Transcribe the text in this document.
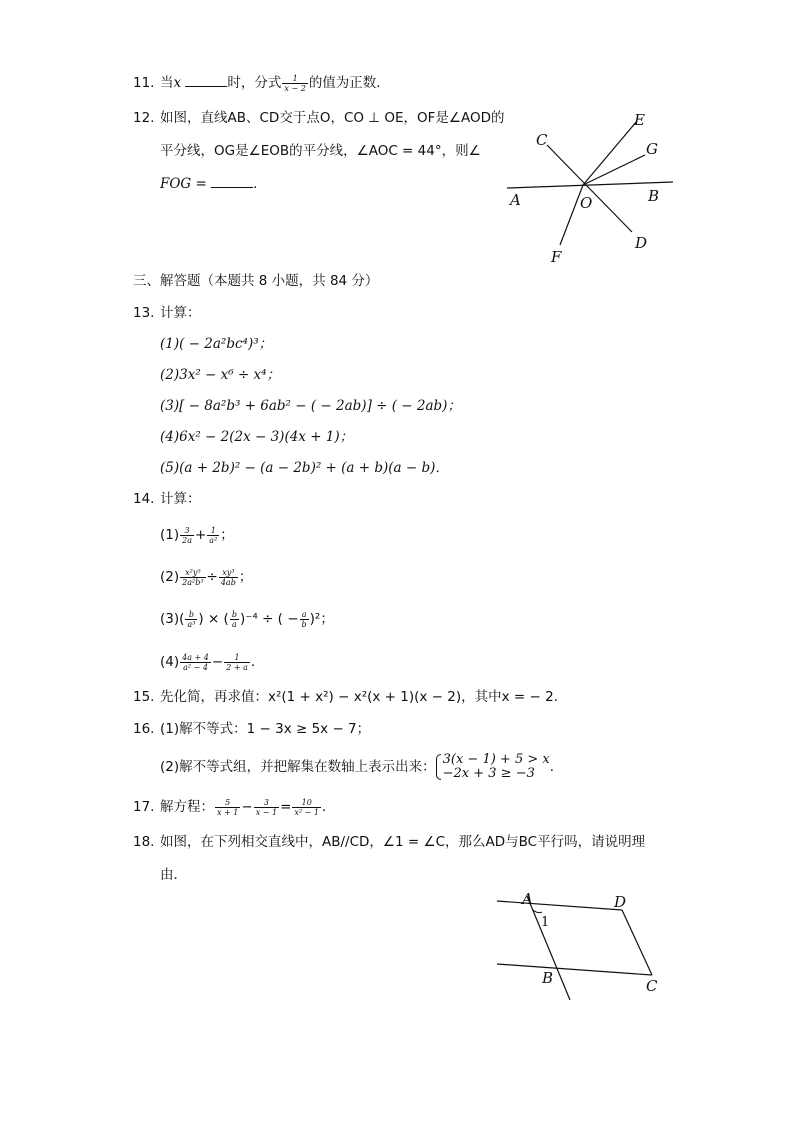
11. 当x	时，分式 $\frac{1}{x - 2}$ 的值为正数．
12. 如图，直线AB、CD交于点O，CO ⊥ OE，OF是∠AOD的
平分线，OG是∠EOB的平分线，∠AOC = 44°，则∠
FOG =	．
A	B
C
D
E
F
G
O
三、解答题（本题共 8 小题，共 84 分）
13. 计算：
(1)( − 2a²bc⁴)³；
(2)3x² − x⁶ ÷ x⁴；
(3)[ − 8a²b³ + 6ab² − ( − 2ab)] ÷ ( − 2ab)；
(4)6x² − 2(2x − 3)(4x + 1)；
(5)(a + 2b)² − (a − 2b)² + (a + b)(a − b)．
14. 计算：
$(1) \frac{3}{2a} + \frac{1}{\text{a²}}$ ；
$(2) \frac{\text{x²y⁵}}{\text{2a²b³}} \div \frac{\text{xy³}}{4ab}$ ；
$(3)( \frac{b}{\text{a³}}$ ) × ( $\frac{b}{a} )^{-4}$ ÷ ( − $\frac{a}{b} )^2$；
$(4) \frac{4a + 4}{\text{a² − 4}} - \frac{1}{2 + a}$ ．
15. 先化简，再求值：x²(1 + x²) − x²(x + 1)(x − 2)，其中x = − 2．
16. (1)解不等式：1 − 3x ≥ 5x − 7；
(2)解不等式组，并把解集在数轴上表示出来： 3(x − 1) + 5 > x
−2x + 3 ≥ −3	．
17. 解方程： $\frac{5}{x + 1} - \frac{3}{x - 1} = \frac{10}{\text{x² − 1}}$ ．
18. 如图，在下列相交直线中，AB//CD，∠1 = ∠C，那么AD与BC平行吗，请说明理
由．
A	D
1
B	C
